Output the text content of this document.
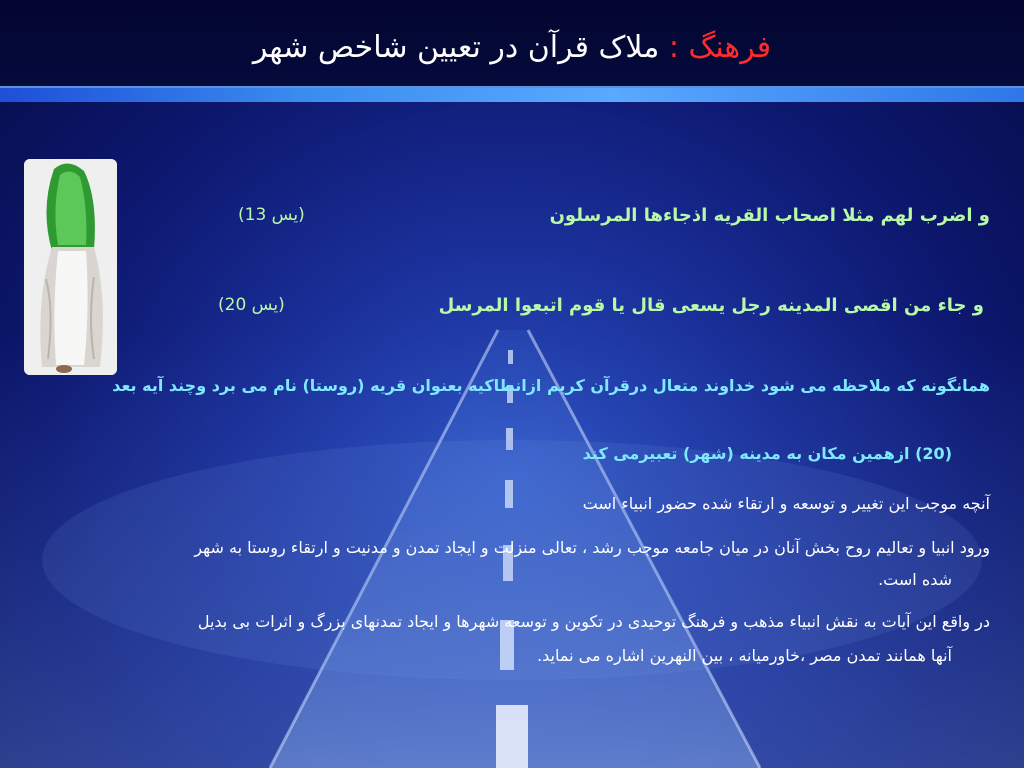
فرهنگ : ملاک قرآن در تعیین شاخص شهر
و اضرب لهم مثلا اصحاب القریه اذجاءها المرسلون
(یس 13)
و جاء من اقصی المدینه رجل یسعی قال یا قوم اتبعوا المرسل
(یس 20)
همانگونه که ملاحظه می شود خداوند متعال درقرآن کریم ازانطاکیه بعنوان قریه (روستا) نام می برد وچند آیه بعد
(20) ازهمین مکان به مدینه (شهر) تعبیرمی کند
آنچه موجب این تغییر و توسعه و ارتقاء شده حضور انبیاء است
ورود انبیا و تعالیم روح بخش آنان در میان جامعه موجب رشد ، تعالی منزلت و ایجاد تمدن و مدنیت و ارتقاء روستا به شهر
شده است.
در واقع این آیات به نقش انبیاء مذهب و فرهنگ توحیدی در تکوین و توسعه شهرها و ایجاد تمدنهای بزرگ و اثرات بی بدیل
آنها همانند تمدن مصر ،خاورمیانه ، بین النهرین اشاره می نماید.
